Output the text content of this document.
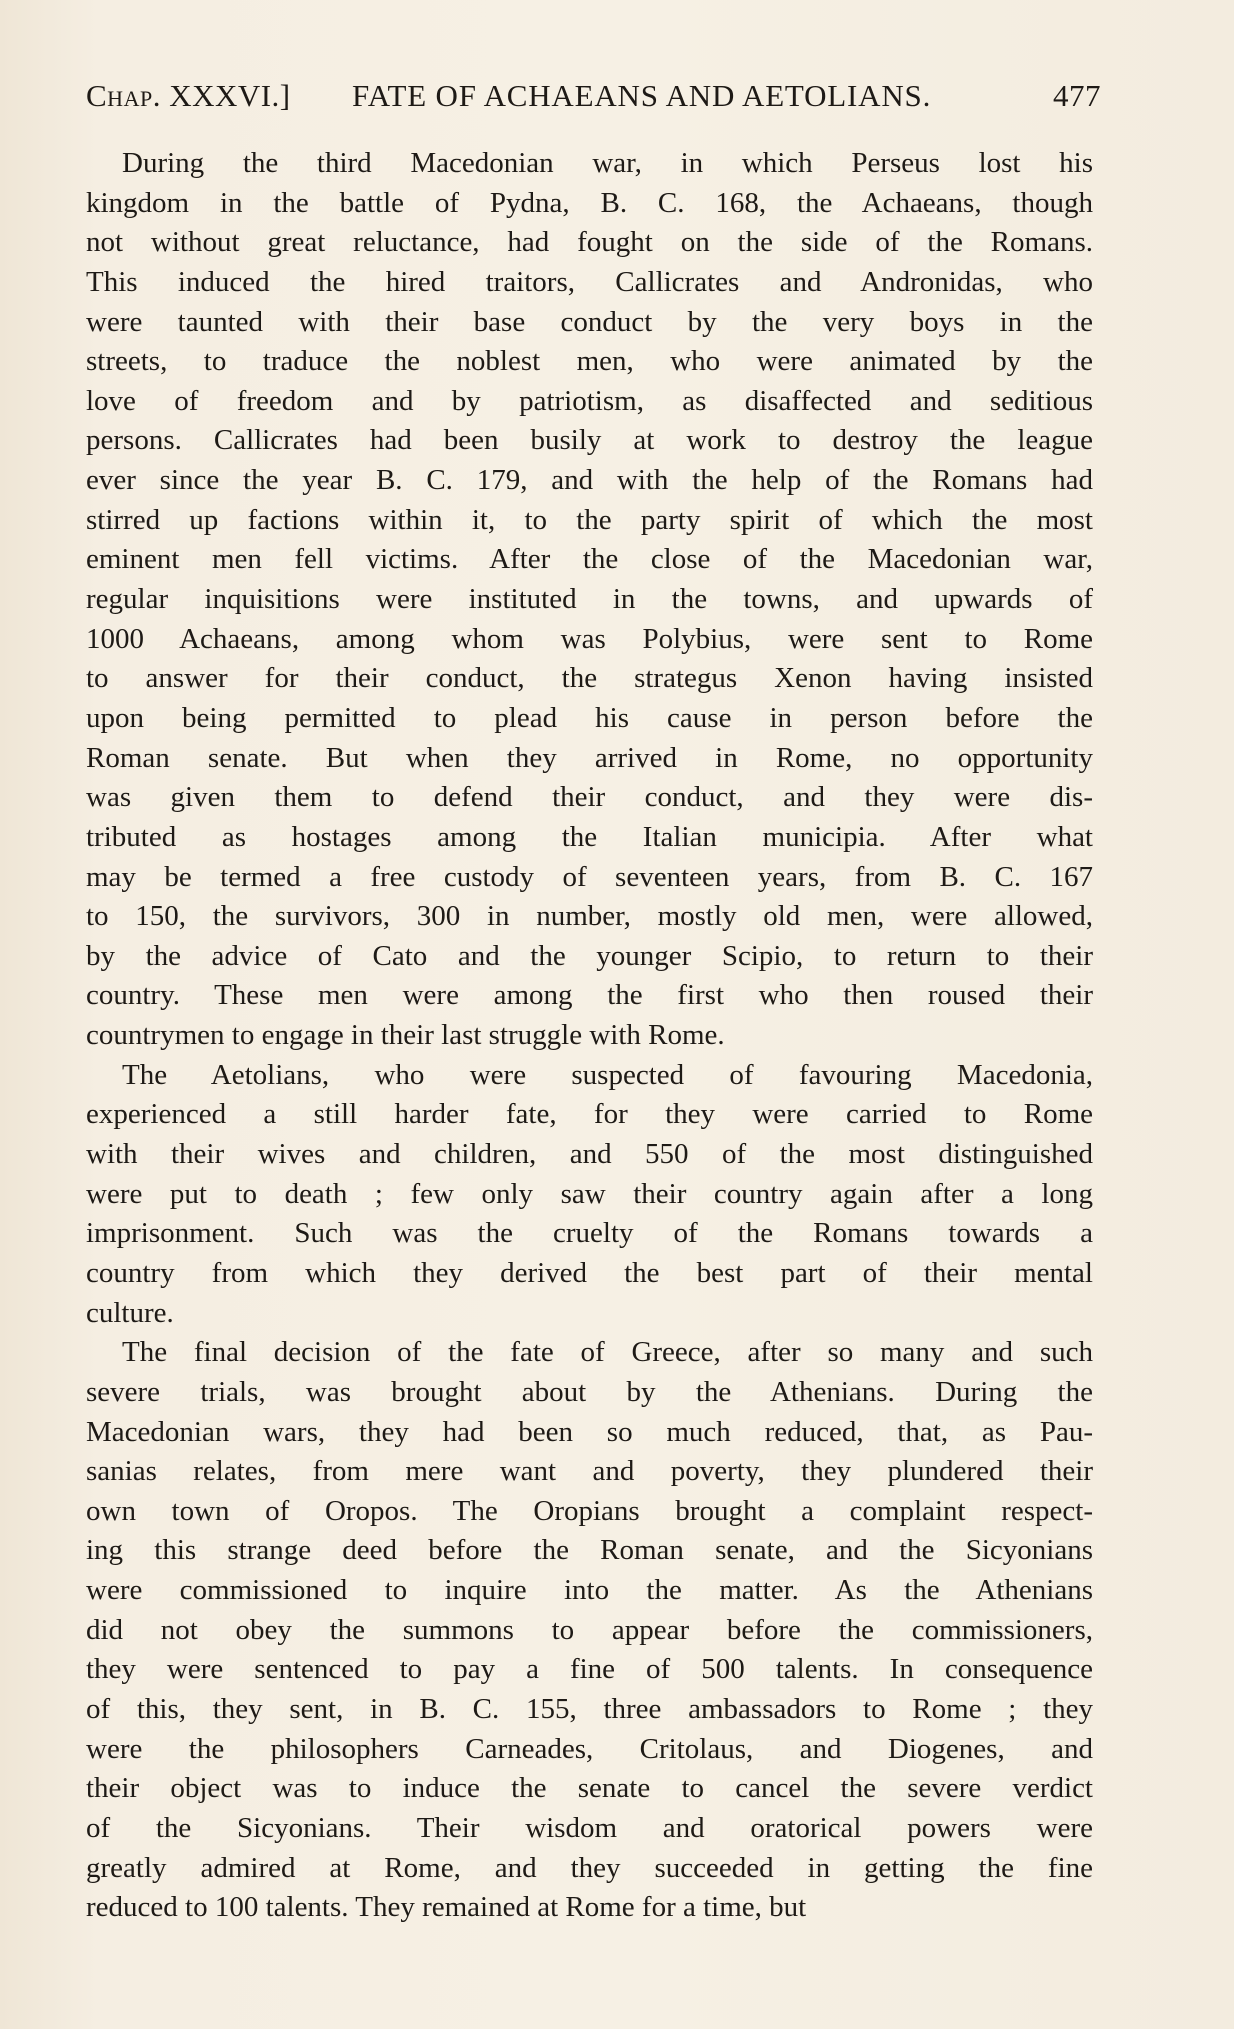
Chap. XXXVI.] FATE OF ACHAEANS AND AETOLIANS.	477
During the third Macedonian war, in which Perseus lost his
kingdom in the battle of Pydna, B. C. 168, the Achaeans, though
not without great reluctance, had fought on the side of the Romans.
This induced the hired traitors, Callicrates and Andronidas, who
were taunted with their base conduct by the very boys in the
streets, to traduce the noblest men, who were animated by the
love of freedom and by patriotism, as disaffected and seditious
persons. Callicrates had been busily at work to destroy the league
ever since the year B. C. 179, and with the help of the Romans had
stirred up factions within it, to the party spirit of which the most
eminent men fell victims. After the close of the Macedonian war,
regular inquisitions were instituted in the towns, and upwards of
1000 Achaeans, among whom was Polybius, were sent to Rome
to answer for their conduct, the strategus Xenon having insisted
upon being permitted to plead his cause in person before the
Roman senate. But when they arrived in Rome, no opportunity
was given them to defend their conduct, and they were dis-
tributed as hostages among the Italian municipia. After what
may be termed a free custody of seventeen years, from B. C. 167
to 150, the survivors, 300 in number, mostly old men, were allowed,
by the advice of Cato and the younger Scipio, to return to their
country. These men were among the first who then roused their
countrymen to engage in their last struggle with Rome.
The Aetolians, who were suspected of favouring Macedonia,
experienced a still harder fate, for they were carried to Rome
with their wives and children, and 550 of the most distinguished
were put to death ; few only saw their country again after a long
imprisonment. Such was the cruelty of the Romans towards a
country from which they derived the best part of their mental
culture.
The final decision of the fate of Greece, after so many and such
severe trials, was brought about by the Athenians. During the
Macedonian wars, they had been so much reduced, that, as Pau-
sanias relates, from mere want and poverty, they plundered their
own town of Oropos. The Oropians brought a complaint respect-
ing this strange deed before the Roman senate, and the Sicyonians
were commissioned to inquire into the matter. As the Athenians
did not obey the summons to appear before the commissioners,
they were sentenced to pay a fine of 500 talents. In consequence
of this, they sent, in B. C. 155, three ambassadors to Rome ; they
were the philosophers Carneades, Critolaus, and Diogenes, and
their object was to induce the senate to cancel the severe verdict
of the Sicyonians. Their wisdom and oratorical powers were
greatly admired at Rome, and they succeeded in getting the fine
reduced to 100 talents. They remained at Rome for a time, but
